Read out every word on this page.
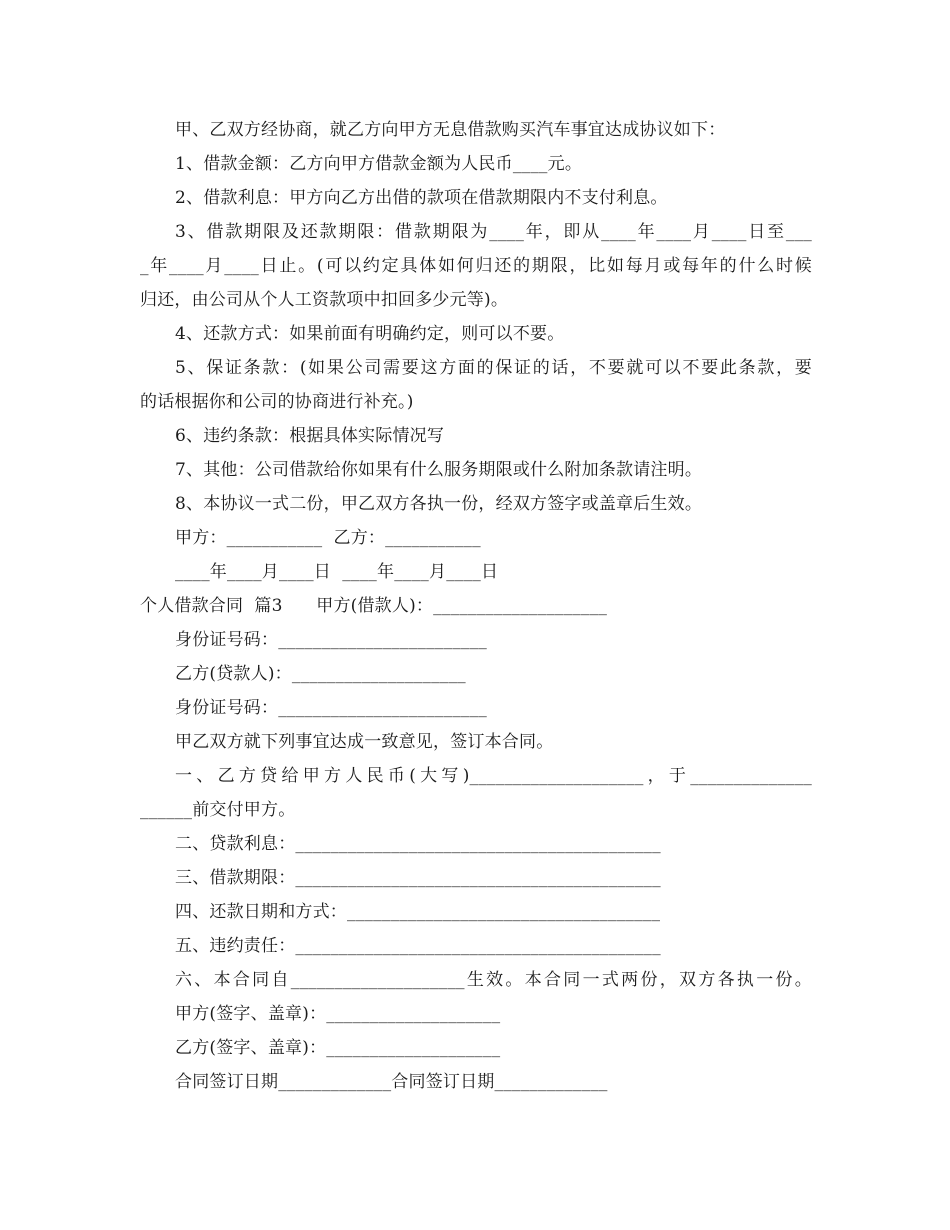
甲、乙双方经协商，就乙方向甲方无息借款购买汽车事宜达成协议如下：
1、借款金额：乙方向甲方借款金额为人民币____元。
2、借款利息：甲方向乙方出借的款项在借款期限内不支付利息。
3、借款期限及还款期限：借款期限为____年，即从____年____月____日至___
_年____月____日止。(可以约定具体如何归还的期限，比如每月或每年的什么时候
归还，由公司从个人工资款项中扣回多少元等)。
4、还款方式：如果前面有明确约定，则可以不要。
5、保证条款：(如果公司需要这方面的保证的话，不要就可以不要此条款，要
的话根据你和公司的协商进行补充。)
6、违约条款：根据具体实际情况写
7、其他：公司借款给你如果有什么服务期限或什么附加条款请注明。
8、本协议一式二份，甲乙双方各执一份，经双方签字或盖章后生效。
甲方：___________  乙方：___________
____年____月____日  ____年____月____日
个人借款合同  篇3      甲方(借款人)：____________________
身份证号码：________________________
乙方(贷款人)：____________________
身份证号码：________________________
甲乙双方就下列事宜达成一致意见，签订本合同。
一、乙方贷给甲方人民币(大写)____________________，于______________
______前交付甲方。
二、贷款利息：__________________________________________
三、借款期限：__________________________________________
四、还款日期和方式：____________________________________
五、违约责任：__________________________________________
六、本合同自____________________生效。本合同一式两份，双方各执一份。
甲方(签字、盖章)：____________________
乙方(签字、盖章)：____________________
合同签订日期_____________合同签订日期_____________
